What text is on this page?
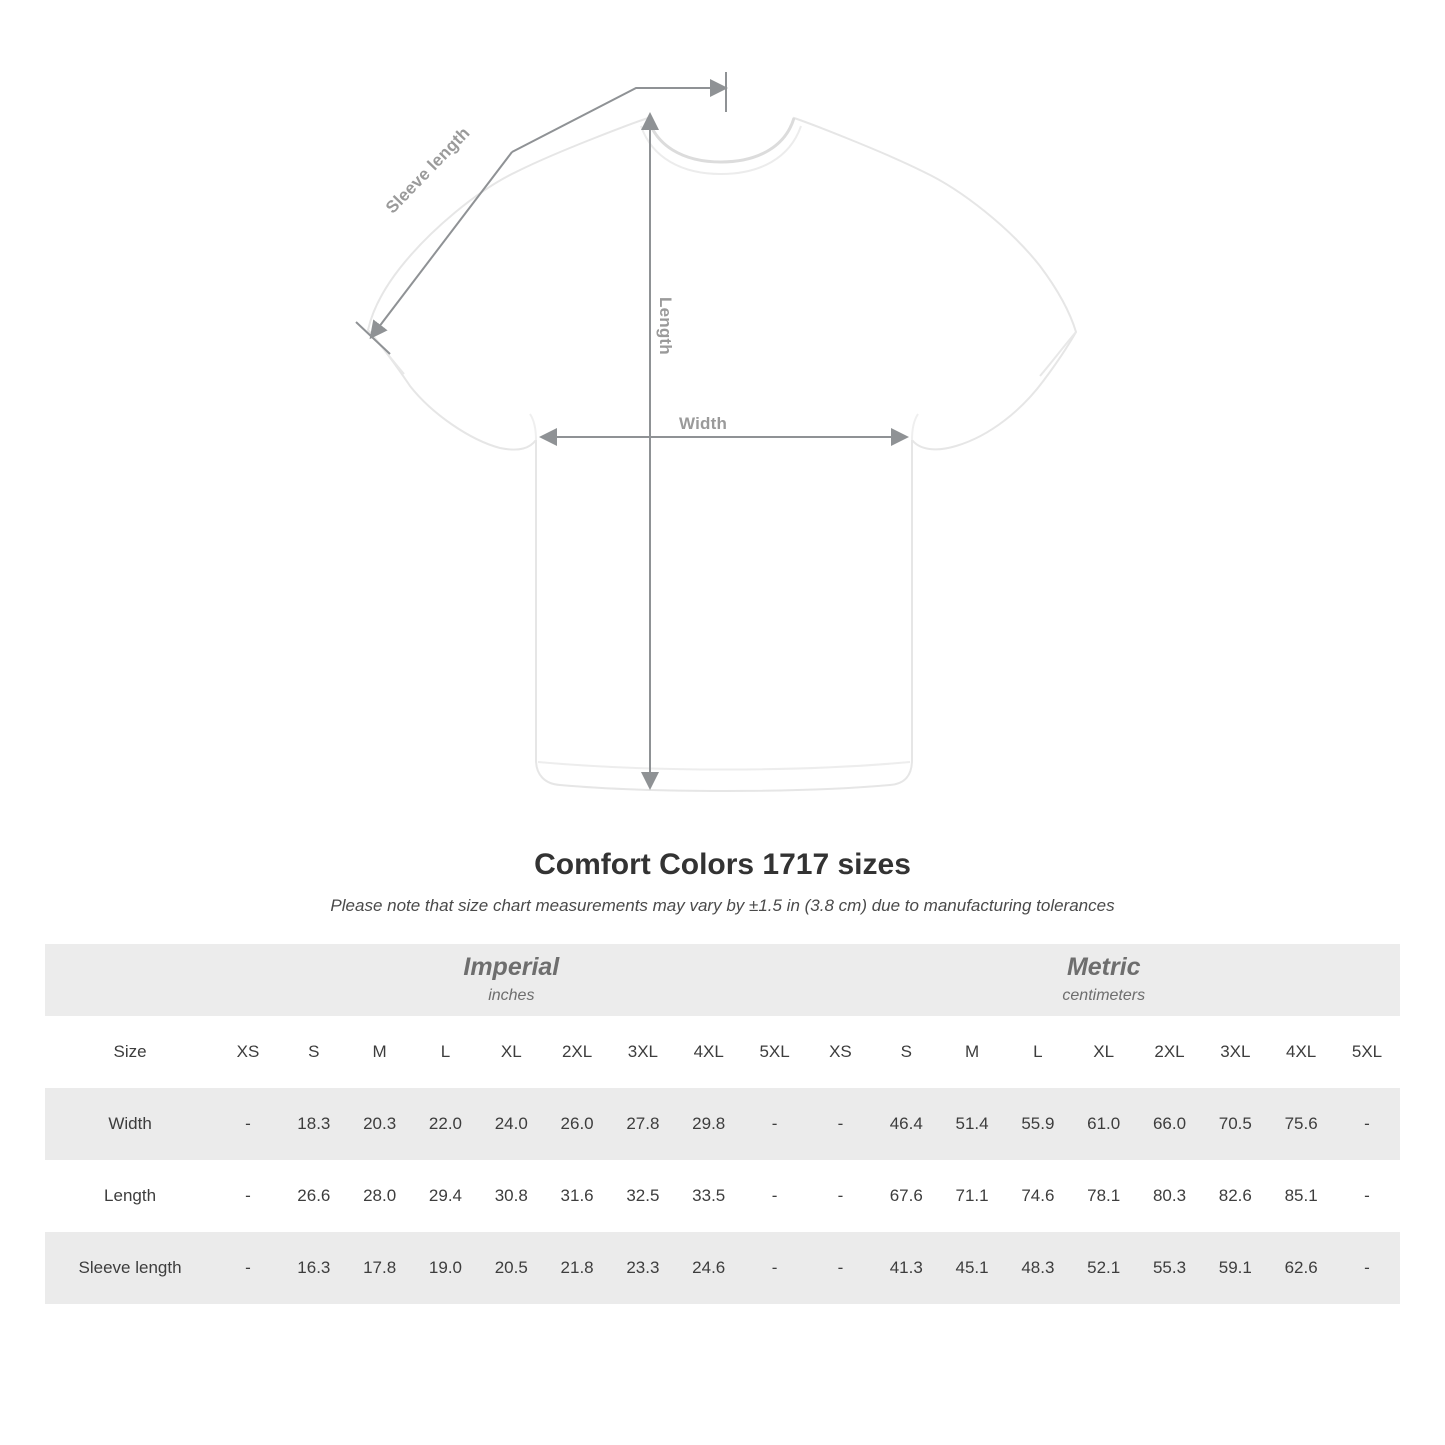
Width
Length
Sleeve length
Comfort Colors 1717 sizes

Please note that size chart measurements may vary by ±1.5 in (3.8 cm) due to manufacturing tolerances

Imperial
inches

Metric
centimeters

Size	XS	S	M	L	XL	2XL	3XL	4XL	5XL	XS	S	M	L	XL	2XL	3XL	4XL	5XL
Width	-	18.3	20.3	22.0	24.0	26.0	27.8	29.8	-	-	46.4	51.4	55.9	61.0	66.0	70.5	75.6	-
Length	-	26.6	28.0	29.4	30.8	31.6	32.5	33.5	-	-	67.6	71.1	74.6	78.1	80.3	82.6	85.1	-
Sleeve length	-	16.3	17.8	19.0	20.5	21.8	23.3	24.6	-	-	41.3	45.1	48.3	52.1	55.3	59.1	62.6	-
